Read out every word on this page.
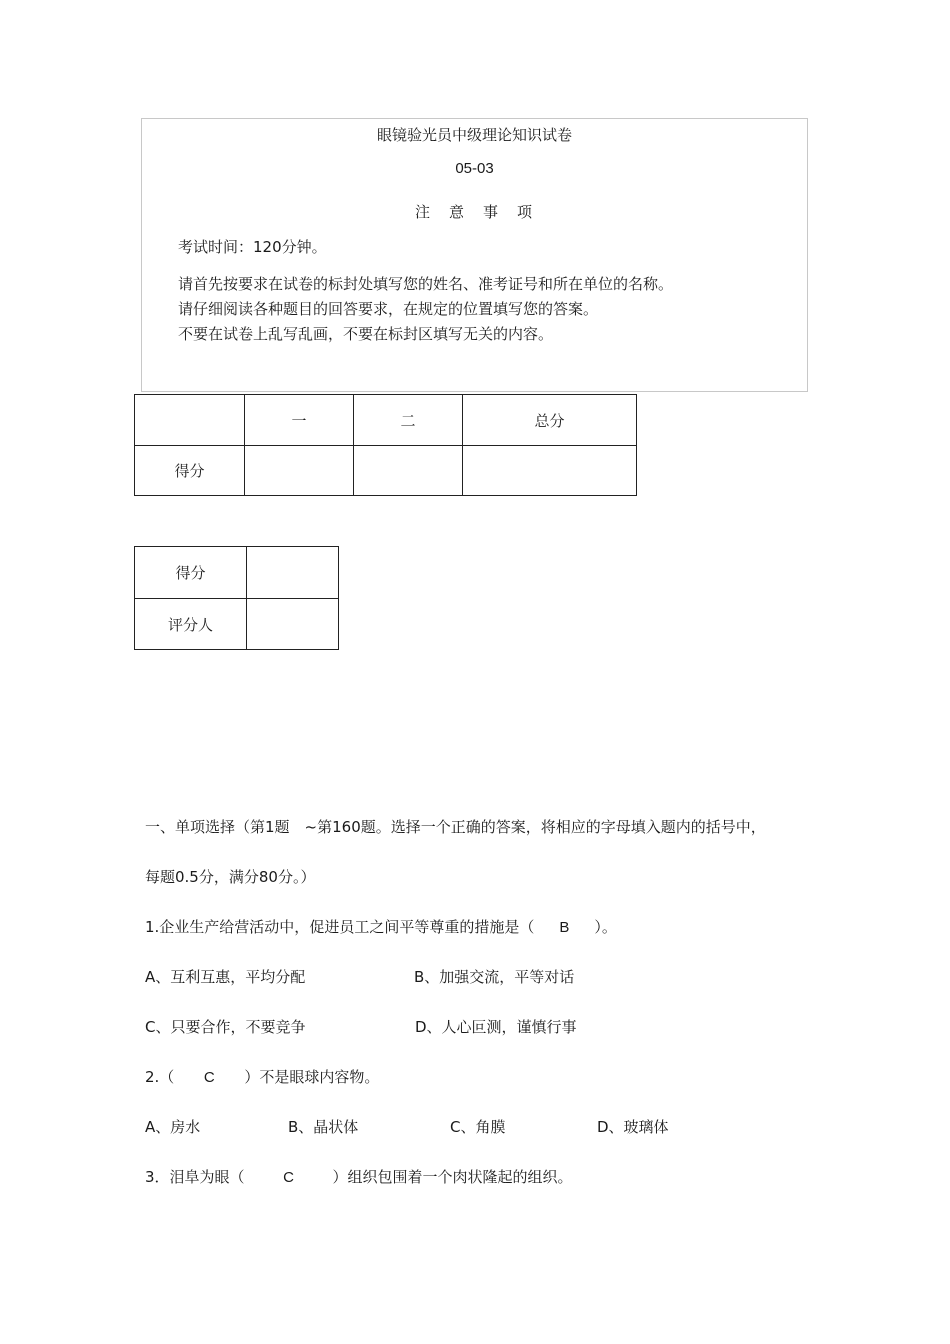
眼镜验光员中级理论知识试卷
05-03
注　意　事　项
考试时间：120分钟。
请首先按要求在试卷的标封处填写您的姓名、准考证号和所在单位的名称。
请仔细阅读各种题目的回答要求，在规定的位置填写您的答案。
不要在试卷上乱写乱画，不要在标封区填写无关的内容。
	一	二	总分
得分			
得分	
评分人	
一、单项选择（第1题　~第160题。选择一个正确的答案，将相应的字母填入题内的括号中，
每题0.5分，满分80分。）
1.企业生产给营活动中，促进员工之间平等尊重的措施是（ B ）。
A、互利互惠，平均分配	B、加强交流，平等对话
C、只要合作，不要竞争	D、人心叵测，谨慎行事
2.（ C ）不是眼球内容物。
A、房水	B、晶状体	C、角膜	D、玻璃体
3．泪阜为眼（	C	）组织包围着一个肉状隆起的组织。
